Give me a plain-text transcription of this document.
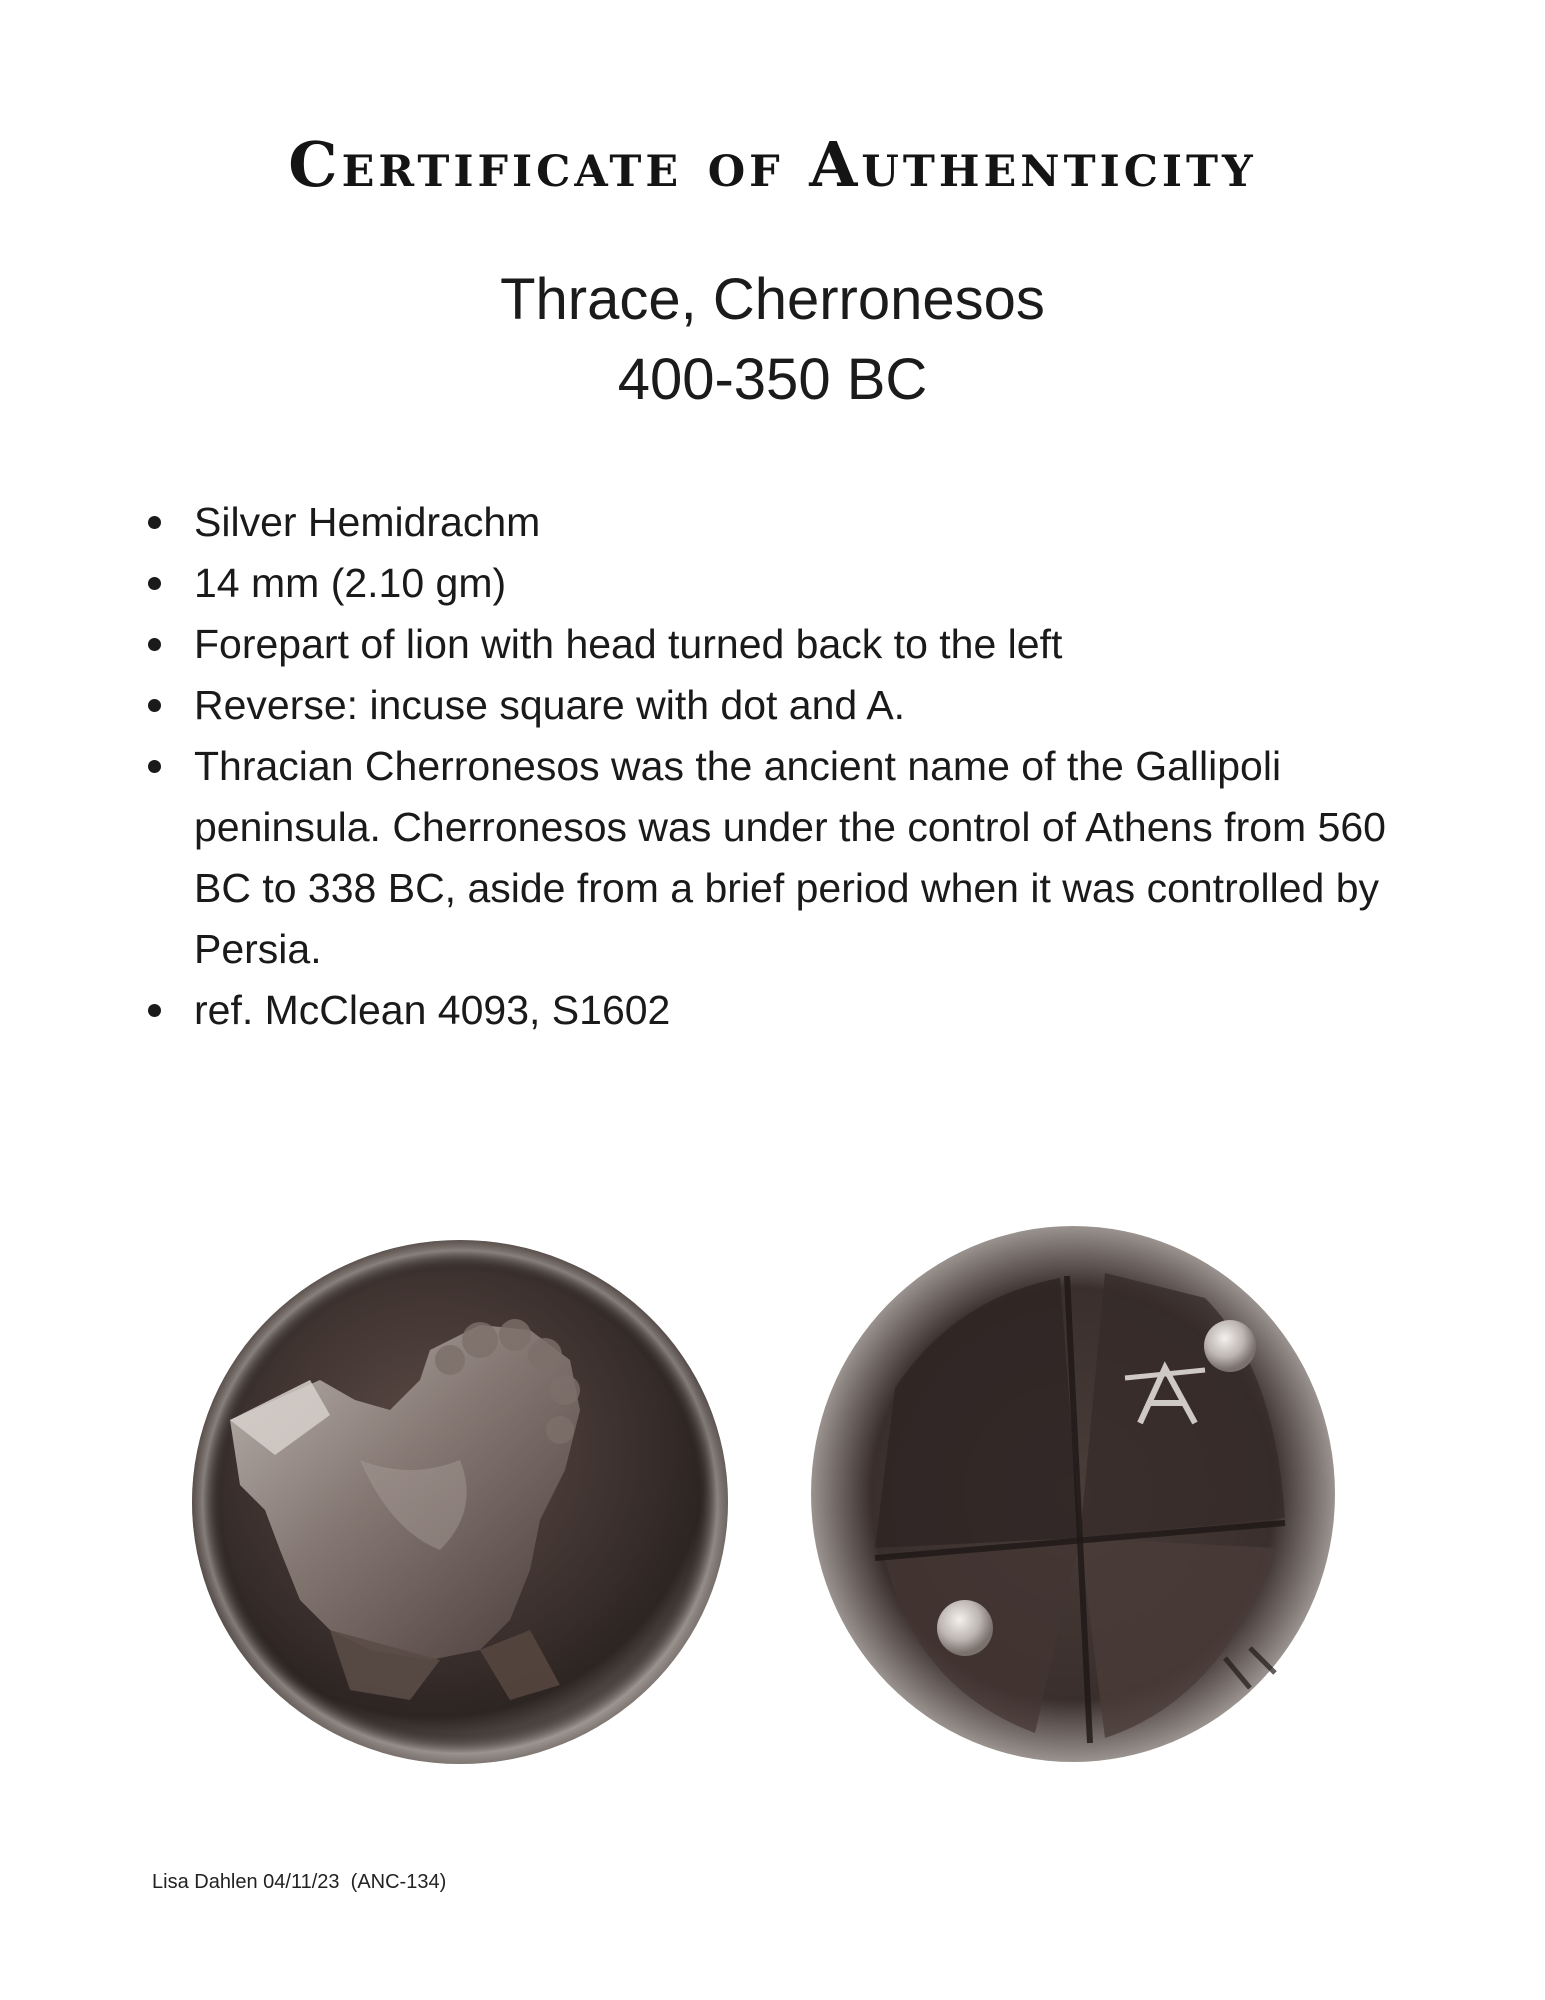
Certificate of Authenticity
Thrace, Cherronesos
400-350 BC
Silver Hemidrachm
14 mm (2.10 gm)
Forepart of lion with head turned back to the left
Reverse: incuse square with dot and A.
Thracian Cherronesos was the ancient name of the Gallipoli peninsula. Cherronesos was under the control of Athens from 560 BC to 338 BC, aside from a brief period when it was controlled by Persia.
ref. McClean 4093, S1602
Lisa Dahlen 04/11/23  (ANC-134)
